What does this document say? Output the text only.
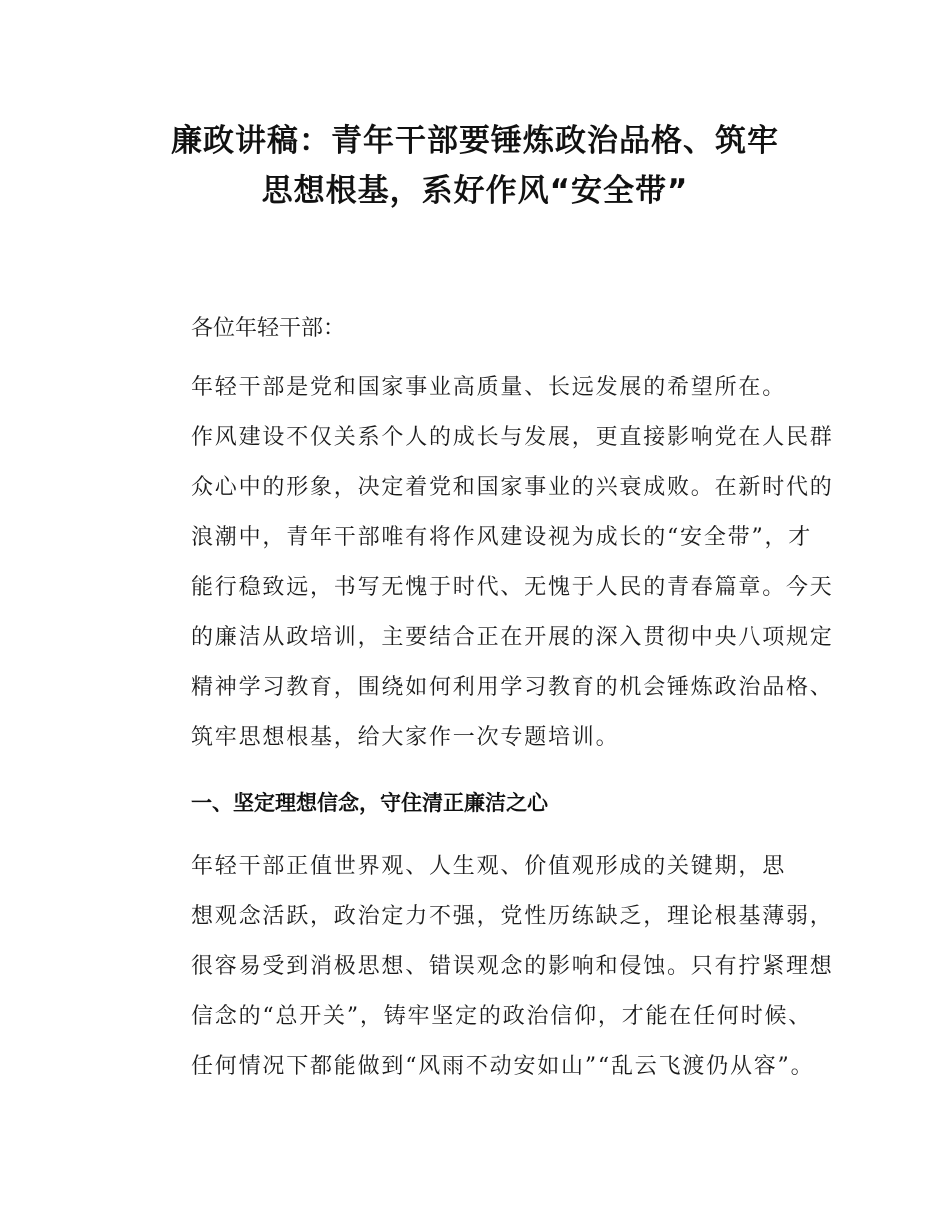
廉政讲稿：青年干部要锤炼政治品格、筑牢
思想根基，系好作风“安全带”

各位年轻干部：

年轻干部是党和国家事业高质量、长远发展的希望所在。
作风建设不仅关系个人的成长与发展，更直接影响党在人民群
众心中的形象，决定着党和国家事业的兴衰成败。在新时代的
浪潮中，青年干部唯有将作风建设视为成长的“安全带”，才
能行稳致远，书写无愧于时代、无愧于人民的青春篇章。今天
的廉洁从政培训，主要结合正在开展的深入贯彻中央八项规定
精神学习教育，围绕如何利用学习教育的机会锤炼政治品格、
筑牢思想根基，给大家作一次专题培训。

一、坚定理想信念，守住清正廉洁之心

年轻干部正值世界观、人生观、价值观形成的关键期，思
想观念活跃，政治定力不强，党性历练缺乏，理论根基薄弱，
很容易受到消极思想、错误观念的影响和侵蚀。只有拧紧理想
信念的“总开关”，铸牢坚定的政治信仰，才能在任何时候、
任何情况下都能做到“风雨不动安如山”“乱云飞渡仍从容”。
